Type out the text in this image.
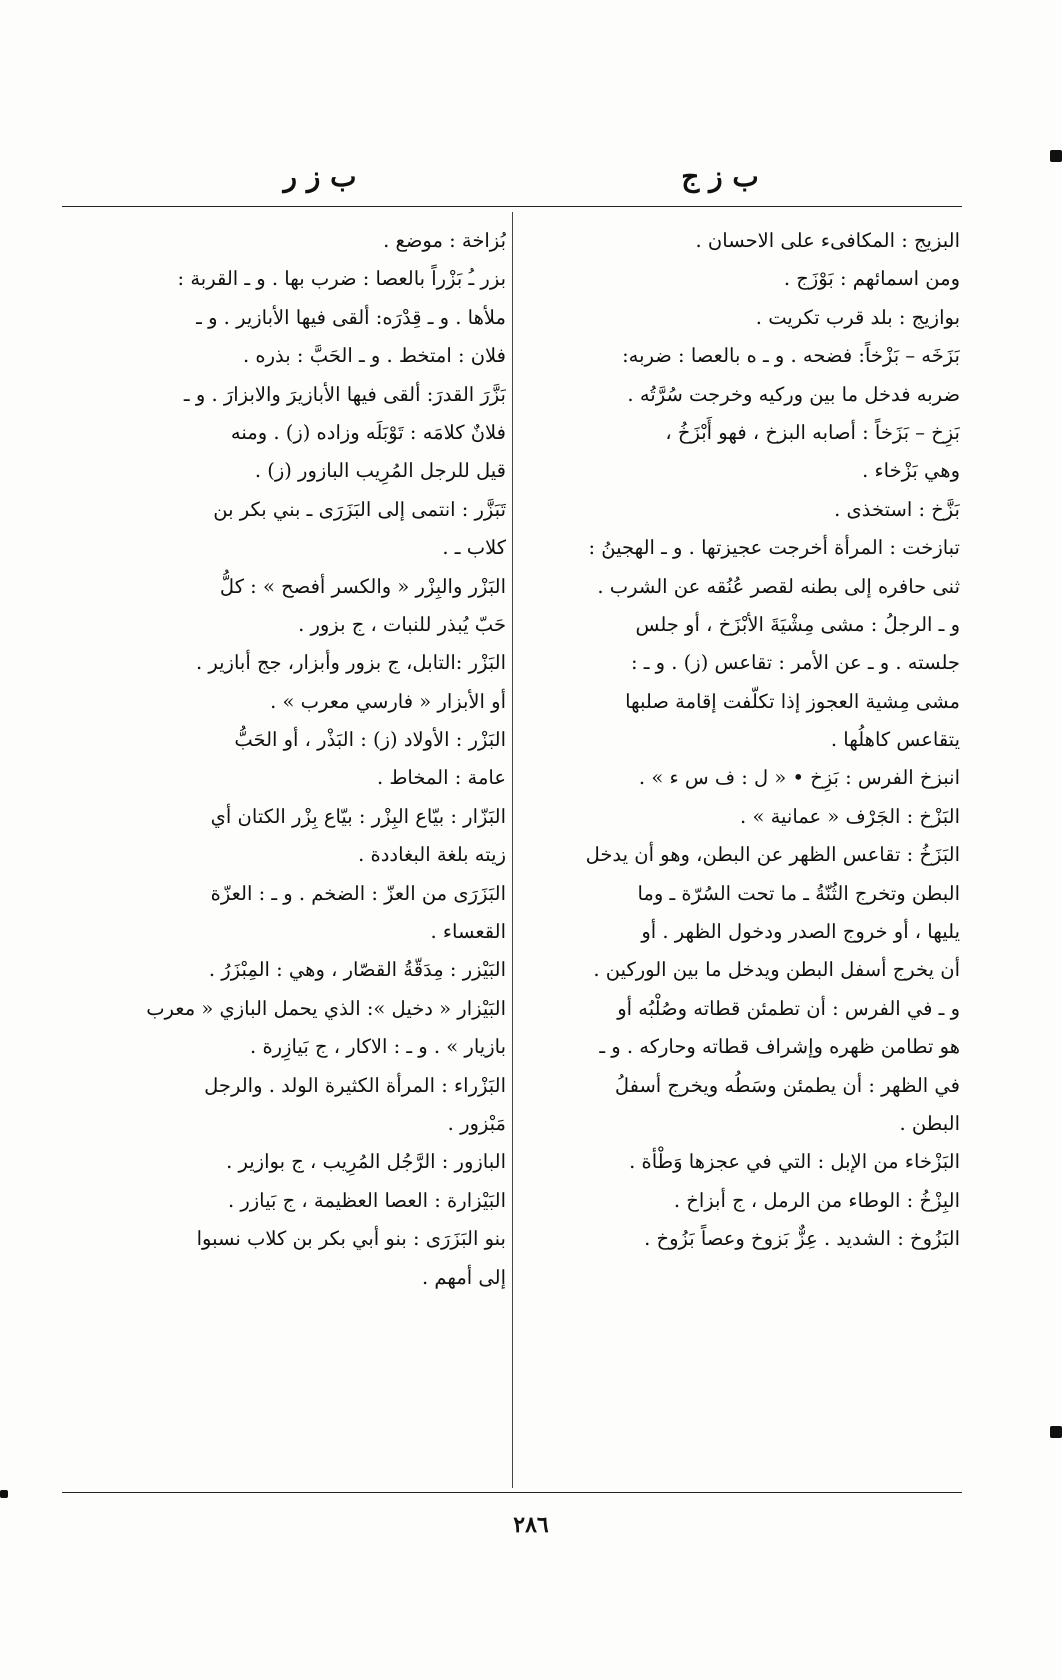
ب ز ج
ب ز ر
البزيج : المكافىء على الاحسان .
ومن اسمائهم : بَوْزَج .
بوازيج : بلد قرب تكريت .
بَزَخَه – بَزْخاً: فضحه . و ـ ه بالعصا : ضربه:
ضربه فدخل ما بين وركيه وخرجت سُرَّتُه .
بَزِخ – بَزَخاً : أصابه البزخ ، فهو أَبْزَخُ ،
وهي بَزْخاء .
بَزَّخ : استخذى .
تبازخت : المرأة أخرجت عجيزتها . و ـ الهجينُ :
ثنى حافره إلى بطنه لقصر عُنُقه عن الشرب .
و ـ الرجلُ : مشى مِشْيَةَ الأبْزَخ ، أو جلس
جلسته . و ـ عن الأمر : تقاعس (ز) . و ـ :
مشى مِشية العجوز إذا تكلّفت إقامة صلبها
يتقاعس كاهلُها .
انبزخ الفرس : بَزِخ • « ل : ف س ء » .
البَزْخ : الجَرْف « عمانية » .
البَزَخُ : تقاعس الظهر عن البطن، وهو أن يدخل
البطن وتخرج الثُنّةُ ـ ما تحت السُرّة ـ وما
يليها ، أو خروج الصدر ودخول الظهر . أو
أن يخرج أسفل البطن ويدخل ما بين الوركين .
و ـ في الفرس : أن تطمئن قطاته وصُلْبُه أو
هو تطامن ظهره وإشراف قطاته وحاركه . و ـ
في الظهر : أن يطمئن وسَطُه ويخرج أسفلُ
البطن .
البَزْخاء من الإبل : التي في عجزها وَطْأة .
البِزْخُ : الوطاء من الرمل ، ج أبزاخ .
البَزُوخ : الشديد . عِزٌّ بَزوخ وعصاً بَزُوخ .
بُزاخة : موضع .
بزر ـُ بَزْراً بالعصا : ضرب بها . و ـ القربة :
ملأها . و ـ قِدْرَه: ألقى فيها الأبازير . و ـ
فلان : امتخط . و ـ الحَبَّ : بذره .
بَزَّرَ القدرَ: ألقى فيها الأبازيرَ والابزارَ . و ـ
فلانٌ كلامَه : تَوْبَلَه وزاده (ز) . ومنه
قيل للرجل المُرِيب البازور (ز) .
تَبَزَّر : انتمى إلى البَزَرَى ـ بني بكر بن
كلاب ـ .
البَزْر والبِزْر « والكسر أفصح » : كلُّ
حَبّ يُبذر للنبات ، ج بزور .
البَزْر :التابل، ج بزور وأبزار، جج أبازير .
أو الأبزار « فارسي معرب » .
البَزْر : الأولاد (ز) : البَذْر ، أو الحَبُّ
عامة : المخاط .
البَزّار : بيّاع البِزْر : بيّاع بِزْر الكتان أي
زيته بلغة البغاددة .
البَزَرَى من العزّ : الضخم . و ـ : العزّة
القعساء .
البَيْزر : مِدَقّةُ القصّار ، وهي : المِبْزَرُ .
البَيْزار « دخيل »: الذي يحمل البازي « معرب
بازيار » . و ـ : الاكار ، ج بَيازِرة .
البَزْراء : المرأة الكثيرة الولد . والرجل
مَبْزور .
البازور : الرَّجُل المُرِيب ، ج بوازير .
البَيْزارة : العصا العظيمة ، ج بَيازر .
بنو البَزَرَى : بنو أبي بكر بن كلاب نسبوا
إلى أمهم .
٢٨٦
